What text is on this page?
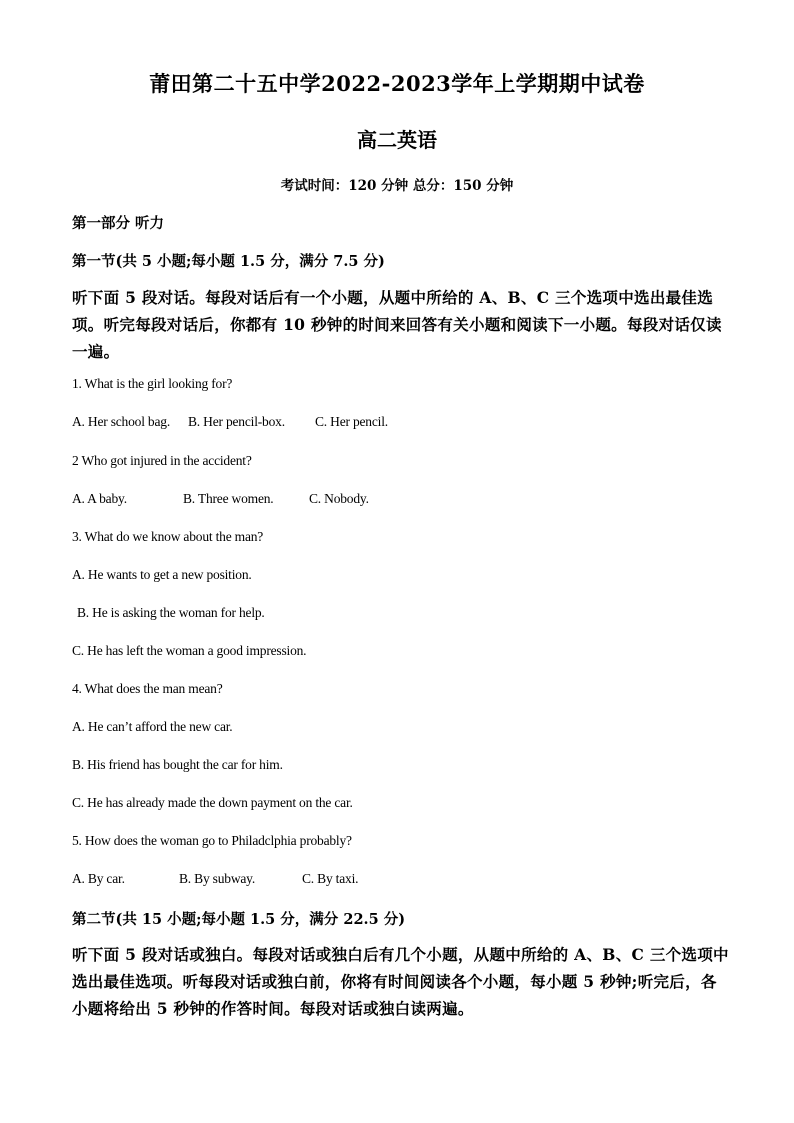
莆田第二十五中学2022-2023学年上学期期中试卷
高二英语
考试时间：120 分钟 总分：150 分钟
第一部分 听力
第一节(共 5 小题;每小题 1.5 分，满分 7.5 分)
听下面 5 段对话。每段对话后有一个小题，从题中所给的 A、B、C 三个选项中选出最佳选项。听完每段对话后，你都有 10 秒钟的时间来回答有关小题和阅读下一小题。每段对话仅读一遍。
1. What is the girl looking for?
A. Her school bag. B. Her pencil-box. C. Her pencil.
2 Who got injured in the accident?
A. A baby.	B. Three women.	C. Nobody.
3. What do we know about the man?
A. He wants to get a new position.
B. He is asking the woman for help.
C. He has left the woman a good impression.
4. What does the man mean?
A. He can’t afford the new car.
B. His friend has bought the car for him.
C. He has already made the down payment on the car.
5. How does the woman go to Philadclphia probably?
A. By car.	B. By subway.	C. By taxi.
第二节(共 15 小题;每小题 1.5 分，满分 22.5 分)
听下面 5 段对话或独白。每段对话或独白后有几个小题，从题中所给的 A、B、C 三个选项中选出最佳选项。听每段对话或独白前，你将有时间阅读各个小题，每小题 5 秒钟;听完后，各小题将给出 5 秒钟的作答时间。每段对话或独白读两遍。
